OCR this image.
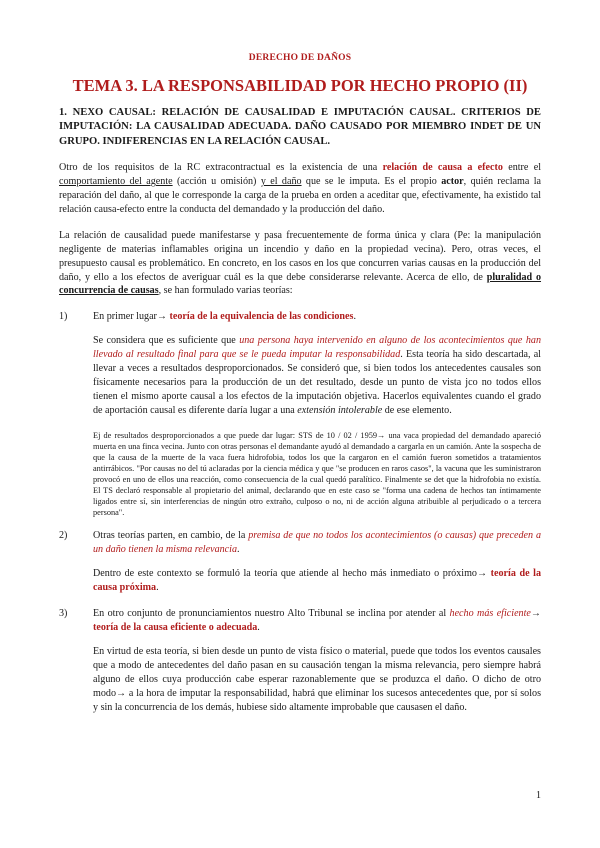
DERECHO DE DAÑOS
TEMA 3. LA RESPONSABILIDAD POR HECHO PROPIO (II)
1. NEXO CAUSAL: RELACIÓN DE CAUSALIDAD E IMPUTACIÓN CAUSAL. CRITERIOS DE IMPUTACIÓN: LA CAUSALIDAD ADECUADA. DAÑO CAUSADO POR MIEMBRO INDET DE UN GRUPO. INDIFERENCIAS EN LA RELACIÓN CAUSAL.

Otro de los requisitos de la RC extracontractual es la existencia de una relación de causa a efecto entre el comportamiento del agente (acción u omisión) y el daño que se le imputa. Es el propio actor, quién reclama la reparación del daño, al que le corresponde la carga de la prueba en orden a aceditar que, efectivamente, ha existido tal relación causa-efecto entre la conducta del demandado y la producción del daño.

La relación de causalidad puede manifestarse y pasa frecuentemente de forma única y clara (Pe: la manipulación negligente de materias inflamables origina un incendio y daño en la propiedad vecina). Pero, otras veces, el presupuesto causal es problemático. En concreto, en los casos en los que concurren varias causas en la producción del daño, y ello a los efectos de averiguar cuál es la que debe considerarse relevante. Acerca de ello, de pluralidad o concurrencia de causas, se han formulado varias teorías:

1)	En primer lugar→ teoría de la equivalencia de las condiciones.

Se considera que es suficiente que una persona haya intervenido en alguno de los acontecimientos que han llevado al resultado final para que se le pueda imputar la responsabilidad. Esta teoría ha sido descartada, al llevar a veces a resultados desproporcionados. Se consideró que, si bien todos los antecedentes causales son físicamente necesarios para la producción de un det resultado, desde un punto de vista jco no todos ellos tienen el mismo aporte causal a los efectos de la imputación objetiva. Hacerlos equivalentes cuando el grado de aportación causal es diferente daría lugar a una extensión intolerable de ese elemento.

Ej de resultados desproporcionados a que puede dar lugar: STS de 10 / 02 / 1959→ una vaca propiedad del demandado apareció muerta en una finca vecina. Junto con otras personas el demandante ayudó al demandado a cargarla en un camión. Ante la sospecha de que la causa de la muerte de la vaca fuera hidrofobia, todos los que la cargaron en el camión fueron sometidos a tratamientos antirrábicos. "Por causas no del tú aclaradas por la ciencia médica y que "se producen en raros casos", la vacuna que les suministraron provocó en uno de ellos una reacción, como consecuencia de la cual quedó paralítico. Finalmente se det que la hidrofobia no existía. El TS declaró responsable al propietario del animal, declarando que en este caso se "forma una cadena de hechos tan íntimamente ligados entre sí, sin interferencias de ningún otro extraño, culposo o no, ni de acción alguna atribuible al perjudicado o a tercera persona".
2)	Otras teorías parten, en cambio, de la premisa de que no todos los acontecimientos (o causas) que preceden a un daño tienen la misma relevancia.

Dentro de este contexto se formuló la teoría que atiende al hecho más inmediato o próximo→ teoría de la causa próxima.

3)	En otro conjunto de pronunciamientos nuestro Alto Tribunal se inclina por atender al hecho más eficiente→ teoría de la causa eficiente o adecuada.

En virtud de esta teoría, si bien desde un punto de vista físico o material, puede que todos los eventos causales que a modo de antecedentes del daño pasan en su causación tengan la misma relevancia, pero siempre habrá alguno de ellos cuya producción cabe esperar razonablemente que se produzca el daño. O dicho de otro modo→ a la hora de imputar la responsabilidad, habrá que eliminar los sucesos antecedentes que, por sí solos y sin la concurrencia de los demás, hubiese sido altamente improbable que causasen el daño.

1
